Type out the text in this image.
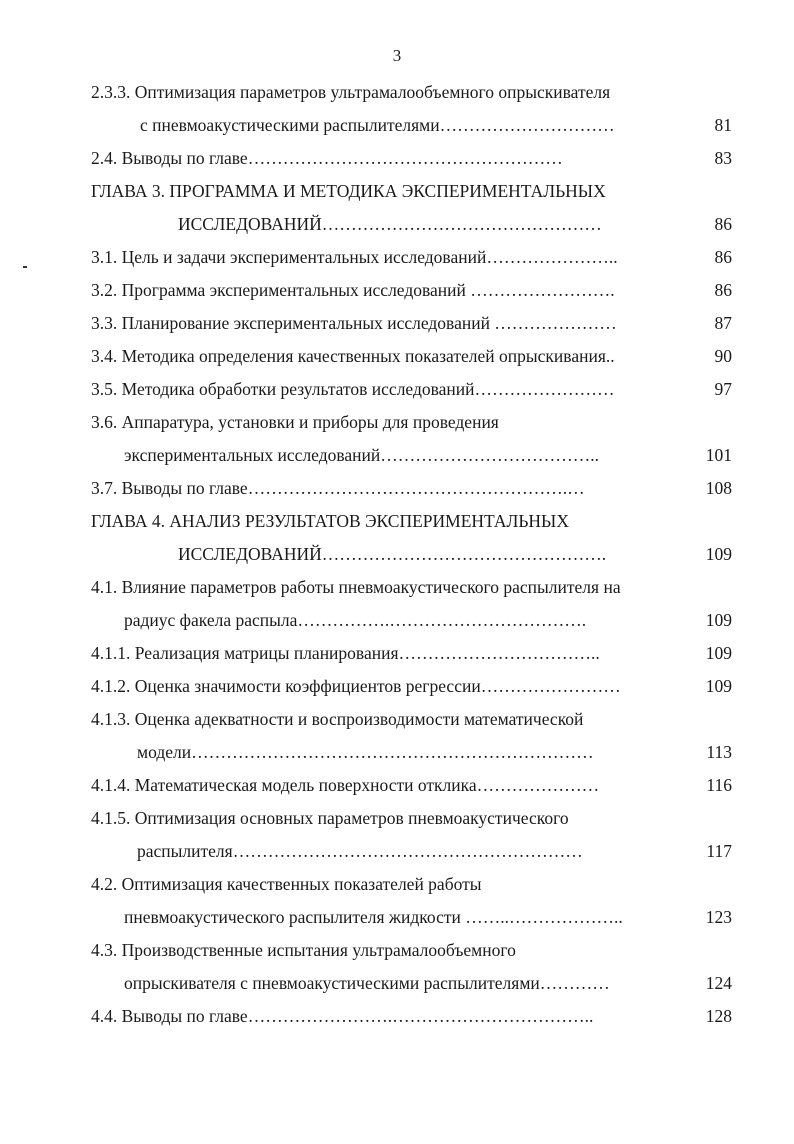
3
2.3.3. Оптимизация параметров ультрамалообъемного опрыскивателя
с пневмоакустическими распылителями…………………………	81
2.4. Выводы по главе………………………………………………	83
ГЛАВА 3. ПРОГРАММА И МЕТОДИКА ЭКСПЕРИМЕНТАЛЬНЫХ
ИССЛЕДОВАНИЙ…………………………………………	86
3.1. Цель и задачи экспериментальных исследований…………………..	86
3.2. Программа экспериментальных исследований …………………….	86
3.3. Планирование экспериментальных исследований …………………	87
3.4. Методика определения качественных показателей опрыскивания..	90
3.5. Методика обработки результатов исследований……………………	97
3.6. Аппаратура, установки и приборы для проведения
экспериментальных исследований………………………………..	101
3.7. Выводы по главе……………………………………………….…	108
ГЛАВА 4. АНАЛИЗ РЕЗУЛЬТАТОВ ЭКСПЕРИМЕНТАЛЬНЫХ
ИССЛЕДОВАНИЙ………………………………………….	109
4.1. Влияние параметров работы пневмоакустического распылителя на
радиус факела распыла…………….…………………………….	109
4.1.1. Реализация матрицы планирования……………………………..	109
4.1.2. Оценка значимости коэффициентов регрессии……………………	109
4.1.3. Оценка адекватности и воспроизводимости математической
модели……………………………………………………………	113
4.1.4. Математическая модель поверхности отклика…………………	116
4.1.5. Оптимизация основных параметров пневмоакустического
распылителя……………………………………………………	117
4.2. Оптимизация качественных показателей работы
пневмоакустического распылителя жидкости ……..………………..	123
4.3. Производственные испытания ультрамалообъемного
опрыскивателя с пневмоакустическими распылителями…………	124
4.4. Выводы по главе…………………….……………………………..	128
